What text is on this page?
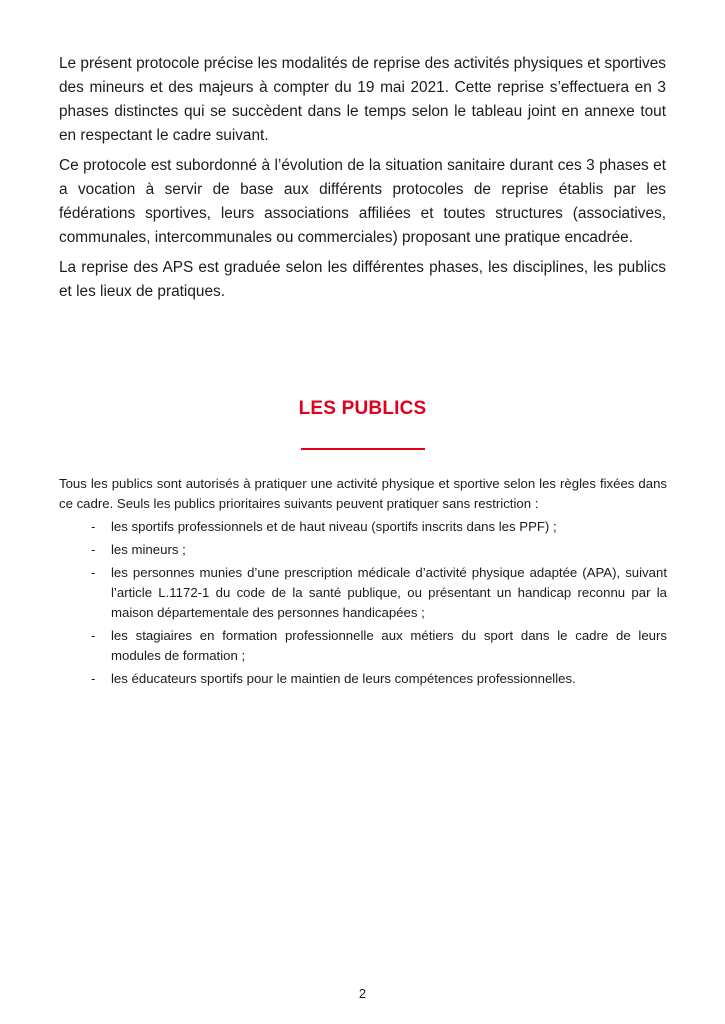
Le présent protocole précise les modalités de reprise des activités physiques et sportives des mineurs et des majeurs à compter du 19 mai 2021. Cette reprise s’effectuera en 3 phases distinctes qui se succèdent dans le temps selon le tableau joint en annexe tout en respectant le cadre suivant.

Ce protocole est subordonné à l’évolution de la situation sanitaire durant ces 3 phases et a vocation à servir de base aux différents protocoles de reprise établis par les fédérations sportives, leurs associations affiliées et toutes structures (associatives, communales, intercommunales ou commerciales) proposant une pratique encadrée.

La reprise des APS est graduée selon les différentes phases, les disciplines, les publics et les lieux de pratiques.

LES PUBLICS

Tous les publics sont autorisés à pratiquer une activité physique et sportive selon les règles fixées dans ce cadre. Seuls les publics prioritaires suivants peuvent pratiquer sans restriction :

- les sportifs professionnels et de haut niveau (sportifs inscrits dans les PPF) ;
- les mineurs ;
- les personnes munies d’une prescription médicale d’activité physique adaptée (APA), suivant l’article L.1172-1 du code de la santé publique, ou présentant un handicap reconnu par la maison départementale des personnes handicapées ;
- les stagiaires en formation professionnelle aux métiers du sport dans le cadre de leurs modules de formation ;
- les éducateurs sportifs pour le maintien de leurs compétences professionnelles.
2
